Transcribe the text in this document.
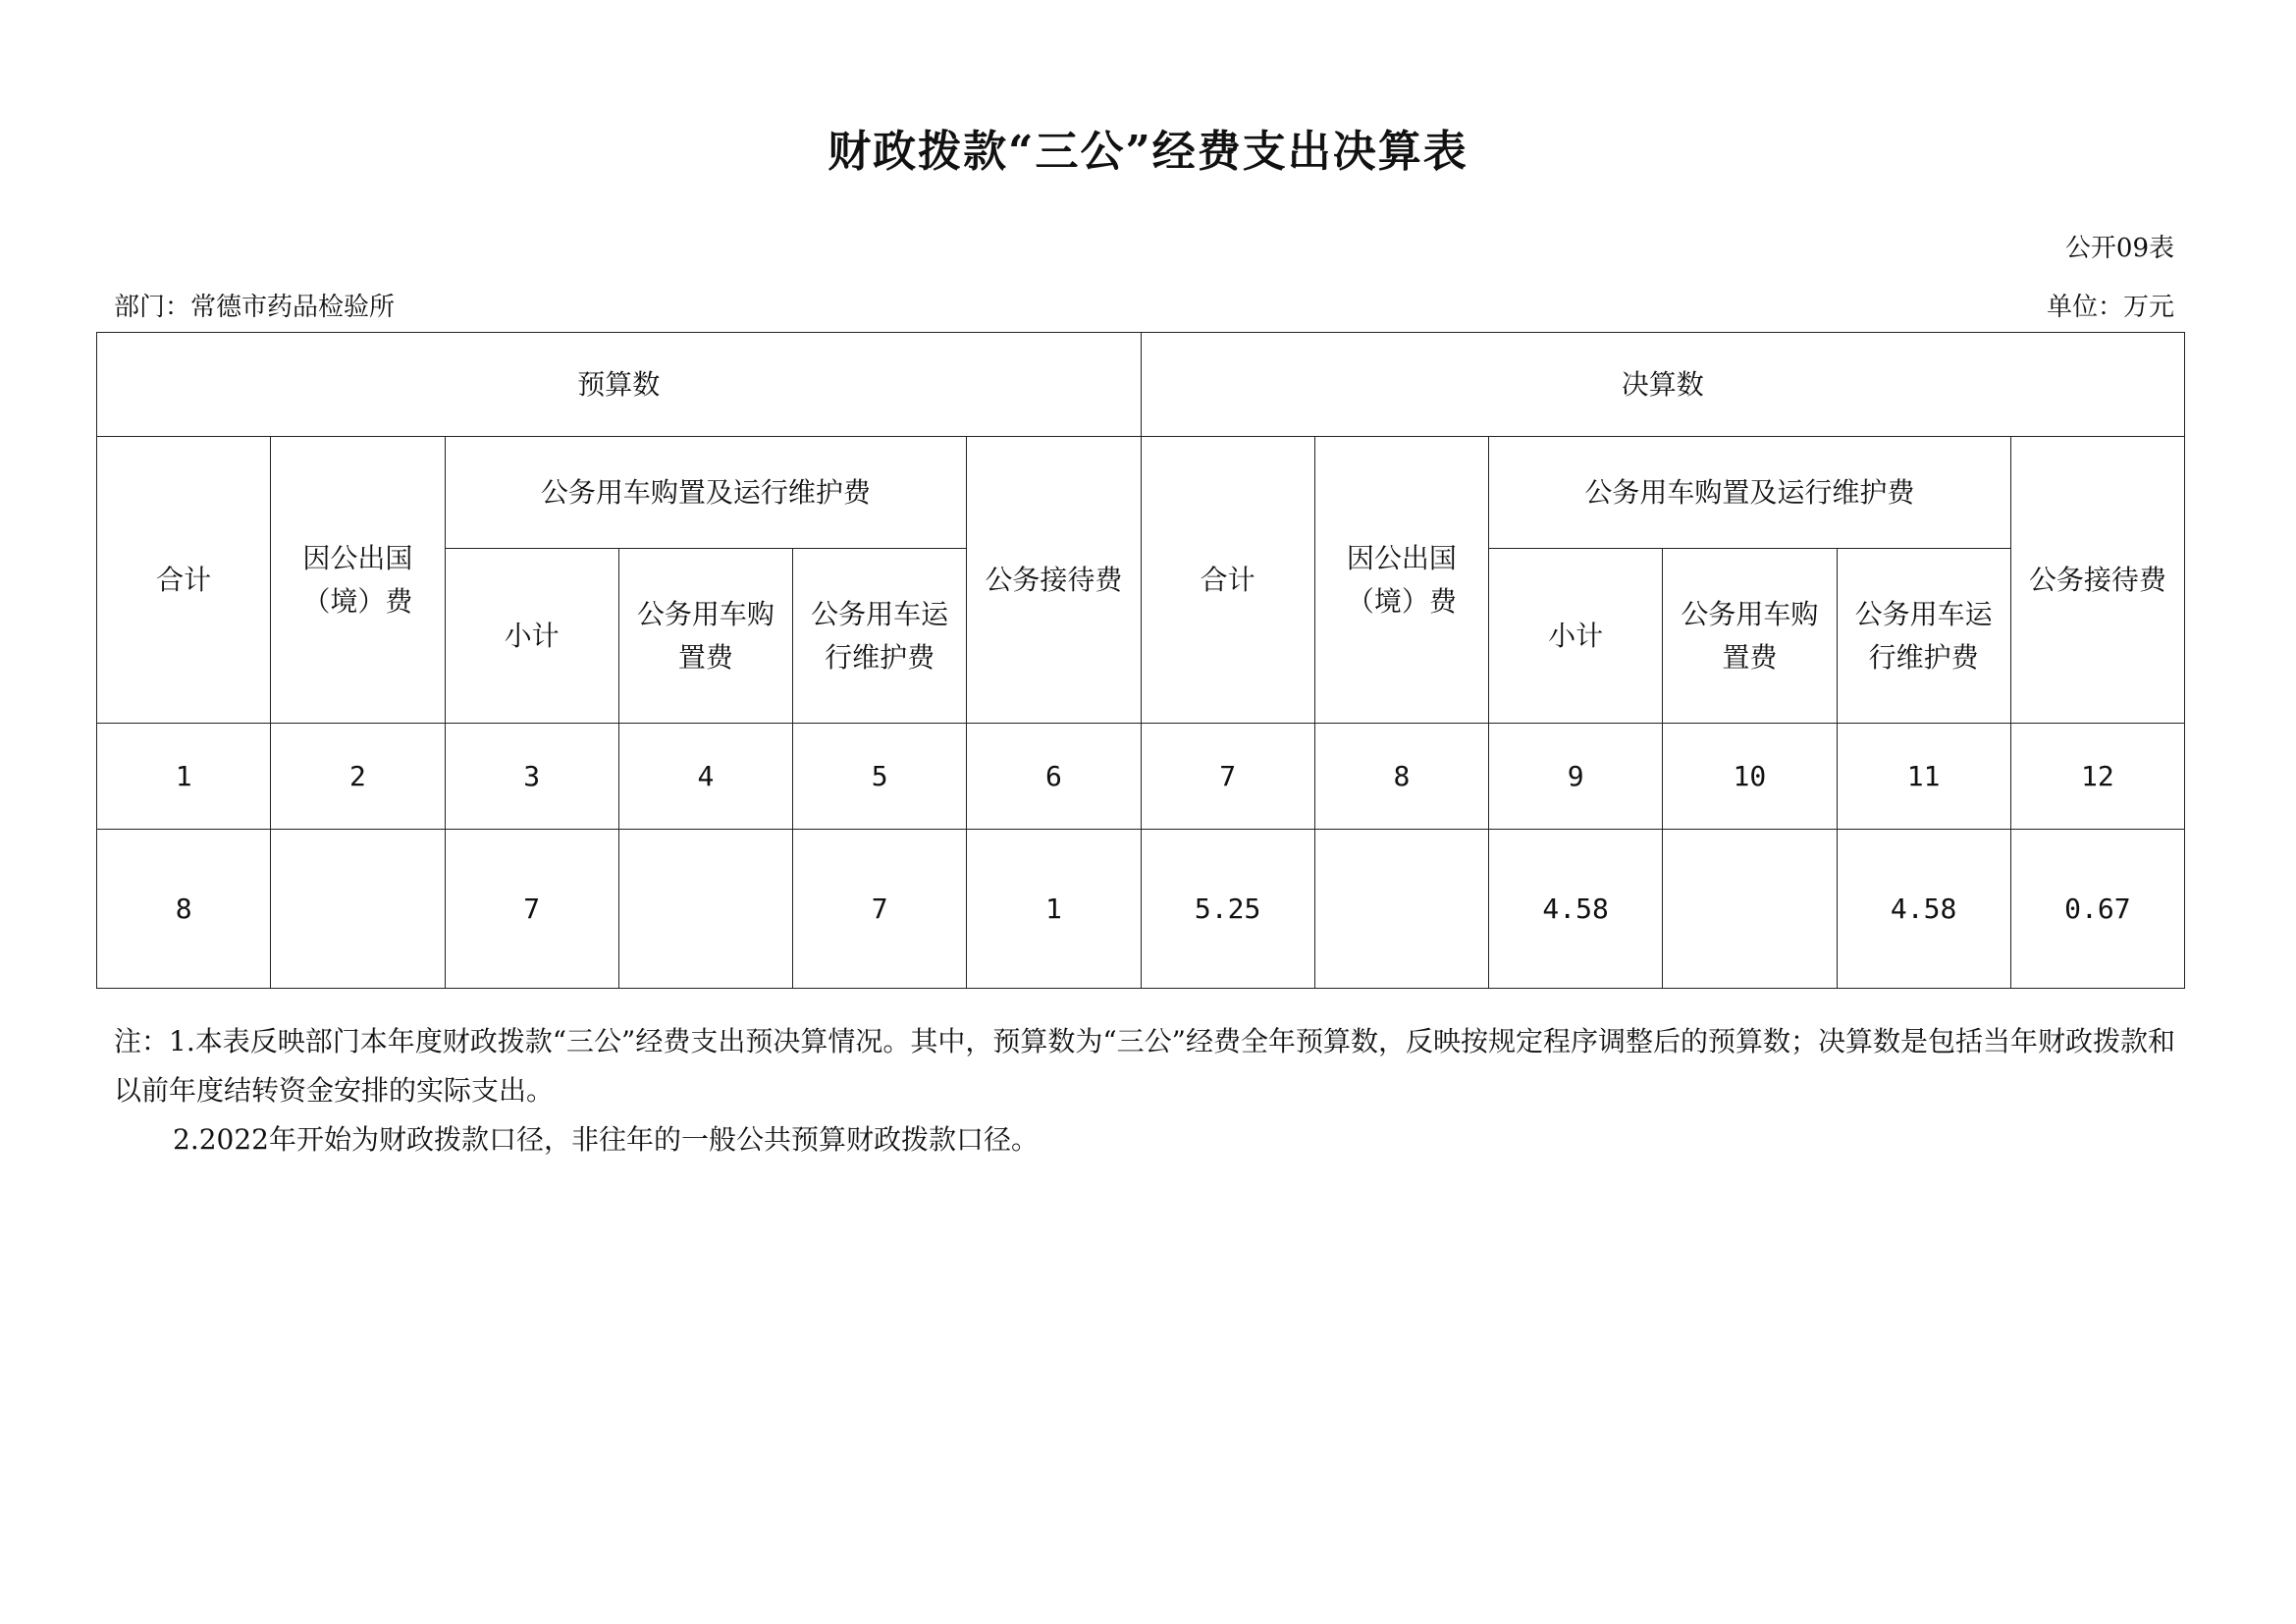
财政拨款“三公”经费支出决算表
公开09表
部门：常德市药品检验所	单位：万元
预算数						决算数					
合计	因公出国（境）费	公务用车购置及运行维护费			公务接待费	合计	因公出国（境）费	公务用车购置及运行维护费			公务接待费
		小计	公务用车购置费	公务用车运行维护费				小计	公务用车购置费	公务用车运行维护费	
1	2	3	4	5	6	7	8	9	10	11	12
8		7		7	1	5.25		4.58		4.58	0.67

注：1.本表反映部门本年度财政拨款“三公”经费支出预决算情况。其中，预算数为“三公”经费全年预算数，反映按规定程序调整后的预算数；决算数是包括当年财政拨款和以前年度结转资金安排的实际支出。

2.2022年开始为财政拨款口径，非往年的一般公共预算财政拨款口径。
